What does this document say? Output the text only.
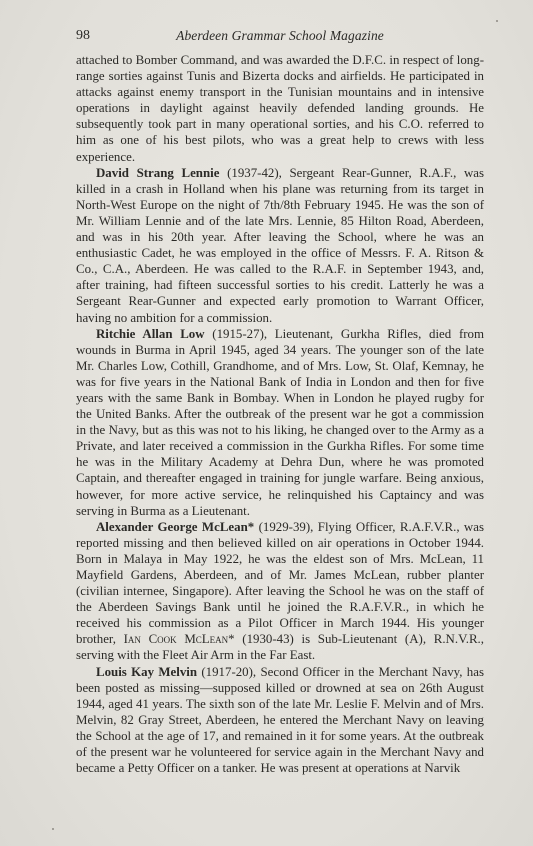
98	Aberdeen Grammar School Magazine

attached to Bomber Command, and was awarded the D.F.C. in respect of long-range sorties against Tunis and Bizerta docks and airfields. He participated in attacks against enemy transport in the Tunisian mountains and in intensive operations in daylight against heavily defended landing grounds. He subsequently took part in many operational sorties, and his C.O. referred to him as one of his best pilots, who was a great help to crews with less experience.

David Strang Lennie (1937-42), Sergeant Rear-Gunner, R.A.F., was killed in a crash in Holland when his plane was returning from its target in North-West Europe on the night of 7th/8th February 1945. He was the son of Mr. William Lennie and of the late Mrs. Lennie, 85 Hilton Road, Aberdeen, and was in his 20th year. After leaving the School, where he was an enthusiastic Cadet, he was employed in the office of Messrs. F. A. Ritson & Co., C.A., Aberdeen. He was called to the R.A.F. in September 1943, and, after training, had fifteen successful sorties to his credit. Latterly he was a Sergeant Rear-Gunner and expected early promotion to Warrant Officer, having no ambition for a commission.

Ritchie Allan Low (1915-27), Lieutenant, Gurkha Rifles, died from wounds in Burma in April 1945, aged 34 years. The younger son of the late Mr. Charles Low, Cothill, Grandhome, and of Mrs. Low, St. Olaf, Kemnay, he was for five years in the National Bank of India in London and then for five years with the same Bank in Bombay. When in London he played rugby for the United Banks. After the outbreak of the present war he got a commission in the Navy, but as this was not to his liking, he changed over to the Army as a Private, and later received a commission in the Gurkha Rifles. For some time he was in the Military Academy at Dehra Dun, where he was promoted Captain, and thereafter engaged in training for jungle warfare. Being anxious, however, for more active service, he relinquished his Captaincy and was serving in Burma as a Lieutenant.

Alexander George McLean* (1929-39), Flying Officer, R.A.F.V.R., was reported missing and then believed killed on air operations in October 1944. Born in Malaya in May 1922, he was the eldest son of Mrs. McLean, 11 Mayfield Gardens, Aberdeen, and of Mr. James McLean, rubber planter (civilian internee, Singapore). After leaving the School he was on the staff of the Aberdeen Savings Bank until he joined the R.A.F.V.R., in which he received his commission as a Pilot Officer in March 1944. His younger brother, Ian Cook McLean* (1930-43) is Sub-Lieutenant (A), R.N.V.R., serving with the Fleet Air Arm in the Far East.

Louis Kay Melvin (1917-20), Second Officer in the Merchant Navy, has been posted as missing—supposed killed or drowned at sea on 26th August 1944, aged 41 years. The sixth son of the late Mr. Leslie F. Melvin and of Mrs. Melvin, 82 Gray Street, Aberdeen, he entered the Merchant Navy on leaving the School at the age of 17, and remained in it for some years. At the outbreak of the present war he volunteered for service again in the Merchant Navy and became a Petty Officer on a tanker. He was present at operations at Narvik
